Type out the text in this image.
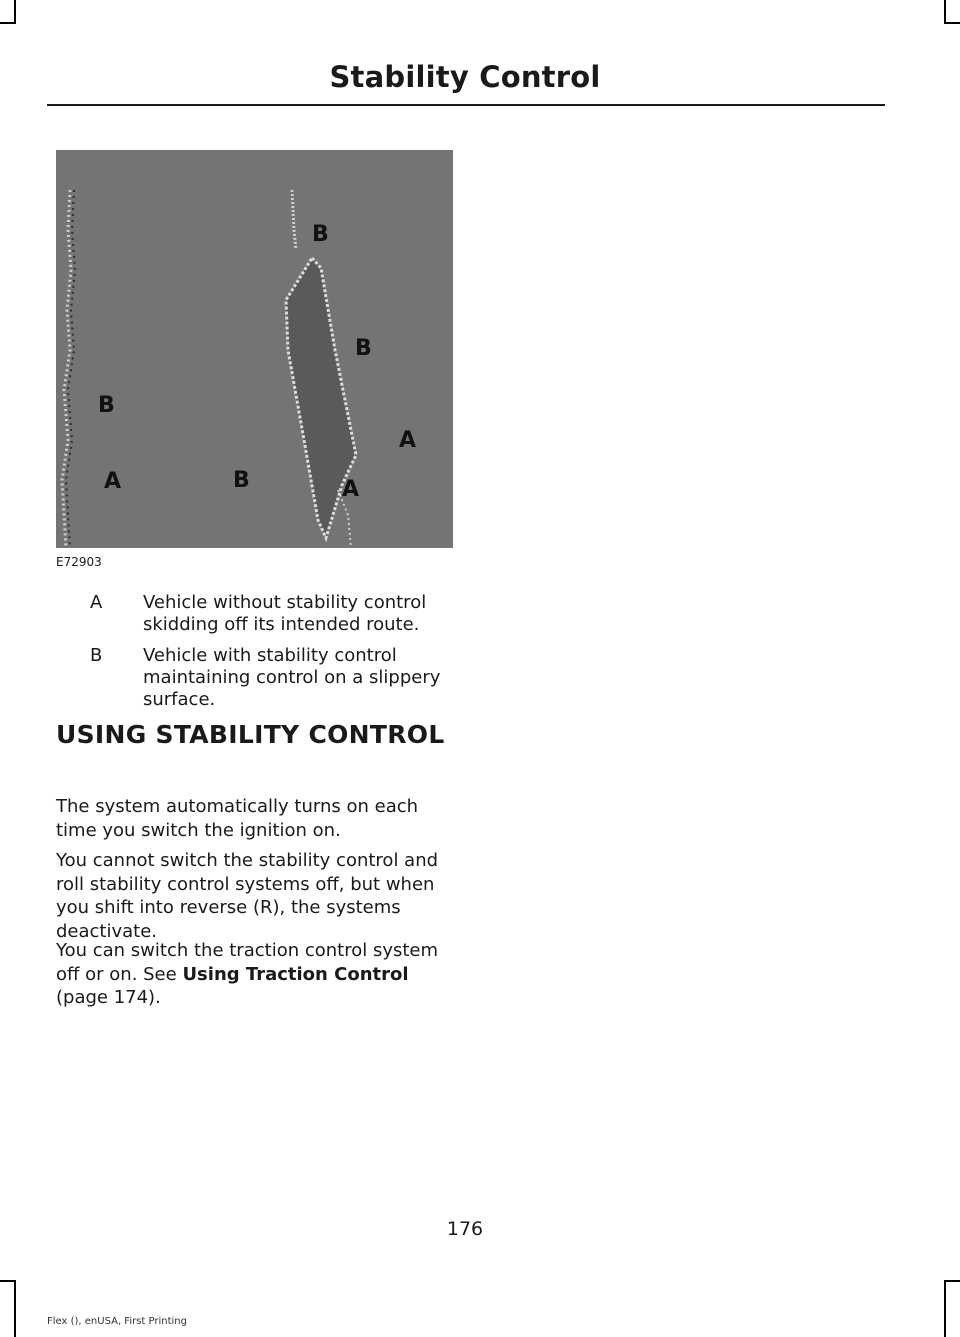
Stability Control
B
B
B
A	B	A
A
E72903
A Vehicle without stability control skidding off its intended route.
B Vehicle with stability control maintaining control on a slippery surface.
USING STABILITY CONTROL
The system automatically turns on each time you switch the ignition on.
You cannot switch the stability control and roll stability control systems off, but when you shift into reverse (R), the systems deactivate.
You can switch the traction control system off or on. See Using Traction Control
(page 174).
176
Flex (), enUSA, First Printing
